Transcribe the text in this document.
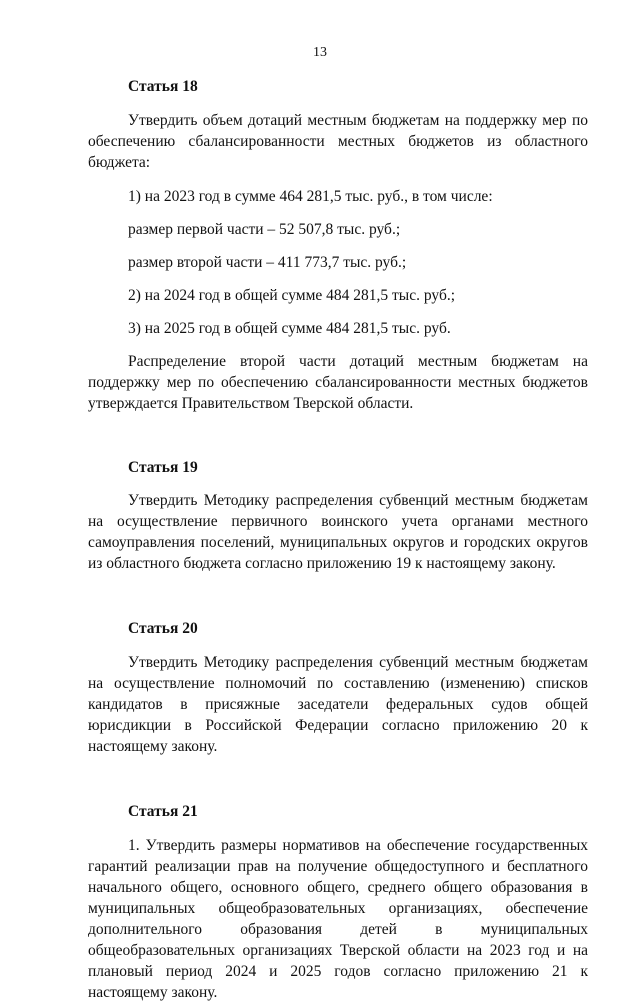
13

Статья 18

Утвердить объем дотаций местным бюджетам на поддержку мер по обеспечению сбалансированности местных бюджетов из областного бюджета:

1) на 2023 год в сумме 464 281,5 тыс. руб., в том числе:

размер первой части – 52 507,8 тыс. руб.;

размер второй части – 411 773,7 тыс. руб.;

2) на 2024 год в общей сумме 484 281,5 тыс. руб.;

3) на 2025 год в общей сумме 484 281,5 тыс. руб.

Распределение второй части дотаций местным бюджетам на поддержку мер по обеспечению сбалансированности местных бюджетов утверждается Правительством Тверской области.

Статья 19

Утвердить Методику распределения субвенций местным бюджетам на осуществление первичного воинского учета органами местного самоуправления поселений, муниципальных округов и городских округов из областного бюджета согласно приложению 19 к настоящему закону.

Статья 20

Утвердить Методику распределения субвенций местным бюджетам на осуществление полномочий по составлению (изменению) списков кандидатов в присяжные заседатели федеральных судов общей юрисдикции в Российской Федерации согласно приложению 20 к настоящему закону.

Статья 21

1. Утвердить размеры нормативов на обеспечение государственных гарантий реализации прав на получение общедоступного и бесплатного начального общего, основного общего, среднего общего образования в муниципальных общеобразовательных организациях, обеспечение дополнительного образования детей в муниципальных общеобразовательных организациях Тверской области на 2023 год и на плановый период 2024 и 2025 годов согласно приложению 21 к настоящему закону.
